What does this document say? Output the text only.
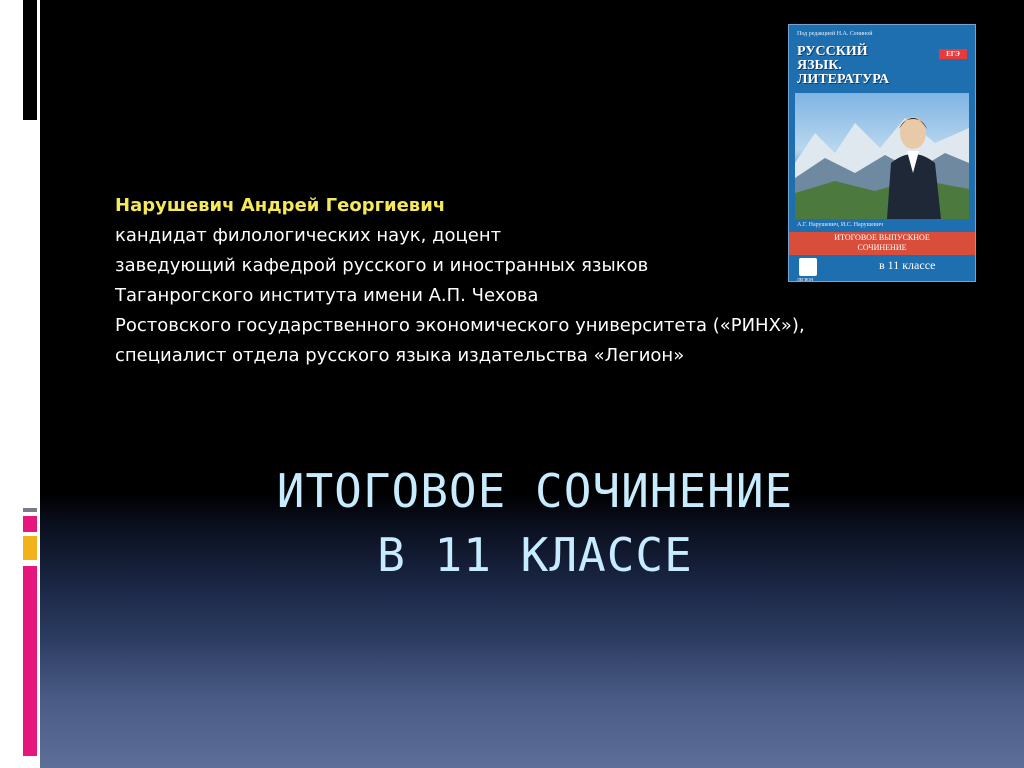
Под редакцией Н.А. Сениной
ЕГЭ
РУССКИЙ
ЯЗЫК.
ЛИТЕРАТУРА
А.Г. Нарушевич, И.С. Нарушевич
ИТОГОВОЕ ВЫПУСКНОЕ
СОЧИНЕНИЕ
ЛЕГИОН
в 11 классе
Нарушевич Андрей Георгиевич
кандидат филологических наук, доцент
заведующий кафедрой русского и иностранных языков
Таганрогского института имени А.П. Чехова
Ростовского государственного экономического университета («РИНХ»),
специалист отдела русского языка издательства «Легион»
ИТОГОВОЕ СОЧИНЕНИЕ
В 11 КЛАССЕ
